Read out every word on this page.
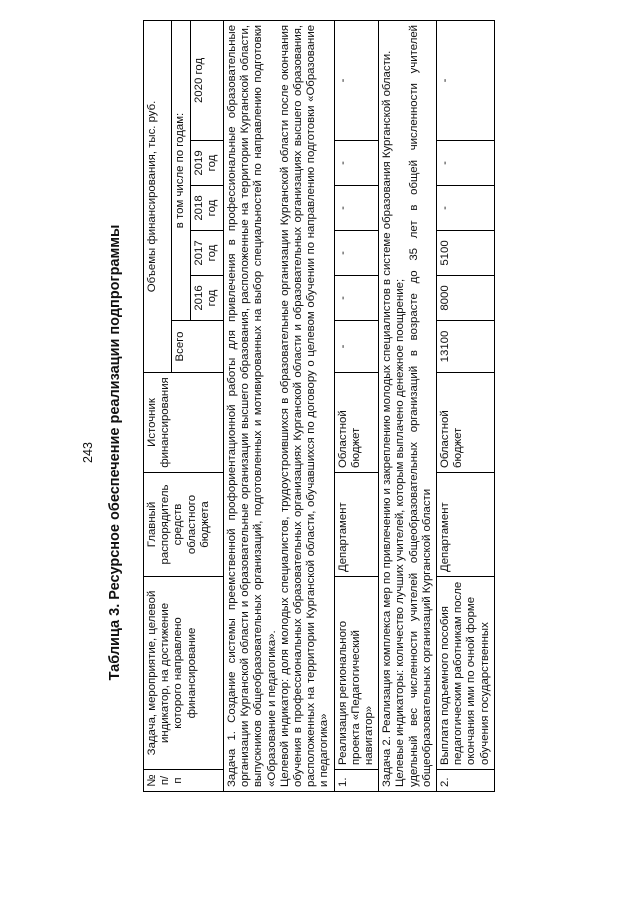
243 Таблица 3. Ресурсное обеспечение реализации подпрограммы
№ п/п	Задача, мероприятие, целевой индикатор, на достижение которого направлено финансирование	Главный распорядитель средств областного бюджета	Источник финансирования	Объемы финансирования, тыс. руб.					
				Всего	в том числе по годам:				
					2016 год	2017 год	2018 год	2019 год	2020 год

Задача 1. Создание системы преемственной профориентационной работы для привлечения в профессиональные образовательные организации Курганской области и образовательные организации высшего образования, расположенные на территории Курганской области, выпускников общеобразовательных организаций, подготовленных и мотивированных на выбор специальностей по направлению подготовки «Образование и педагогика». Целевой индикатор: доля молодых специалистов, трудоустроившихся в образовательные организации Курганской области после окончания обучения в профессиональных образовательных организациях Курганской области и образовательных организациях высшего образования, расположенных на территории Курганской области, обучавшихся по договору о целевом обучении по направлению подготовки «Образование и педагогика»									

1.	Реализация регионального проекта «Педагогический навигатор»	Департамент	Областной бюджет	-	-	-	-	-	-

Задача 2. Реализация комплекса мер по привлечению и закреплению молодых специалистов в системе образования Курганской области. Целевые индикаторы: количество лучших учителей, которым выплачено денежное поощрение; удельный вес численности учителей общеобразовательных организаций в возрасте до 35 лет в общей численности учителей общеобразовательных организаций Курганской области									

2.	Выплата подъемного пособия педагогическим работникам после окончания ими по очной форме обучения государственных	Департамент	Областной бюджет	13100	8000	5100	-	-	-
